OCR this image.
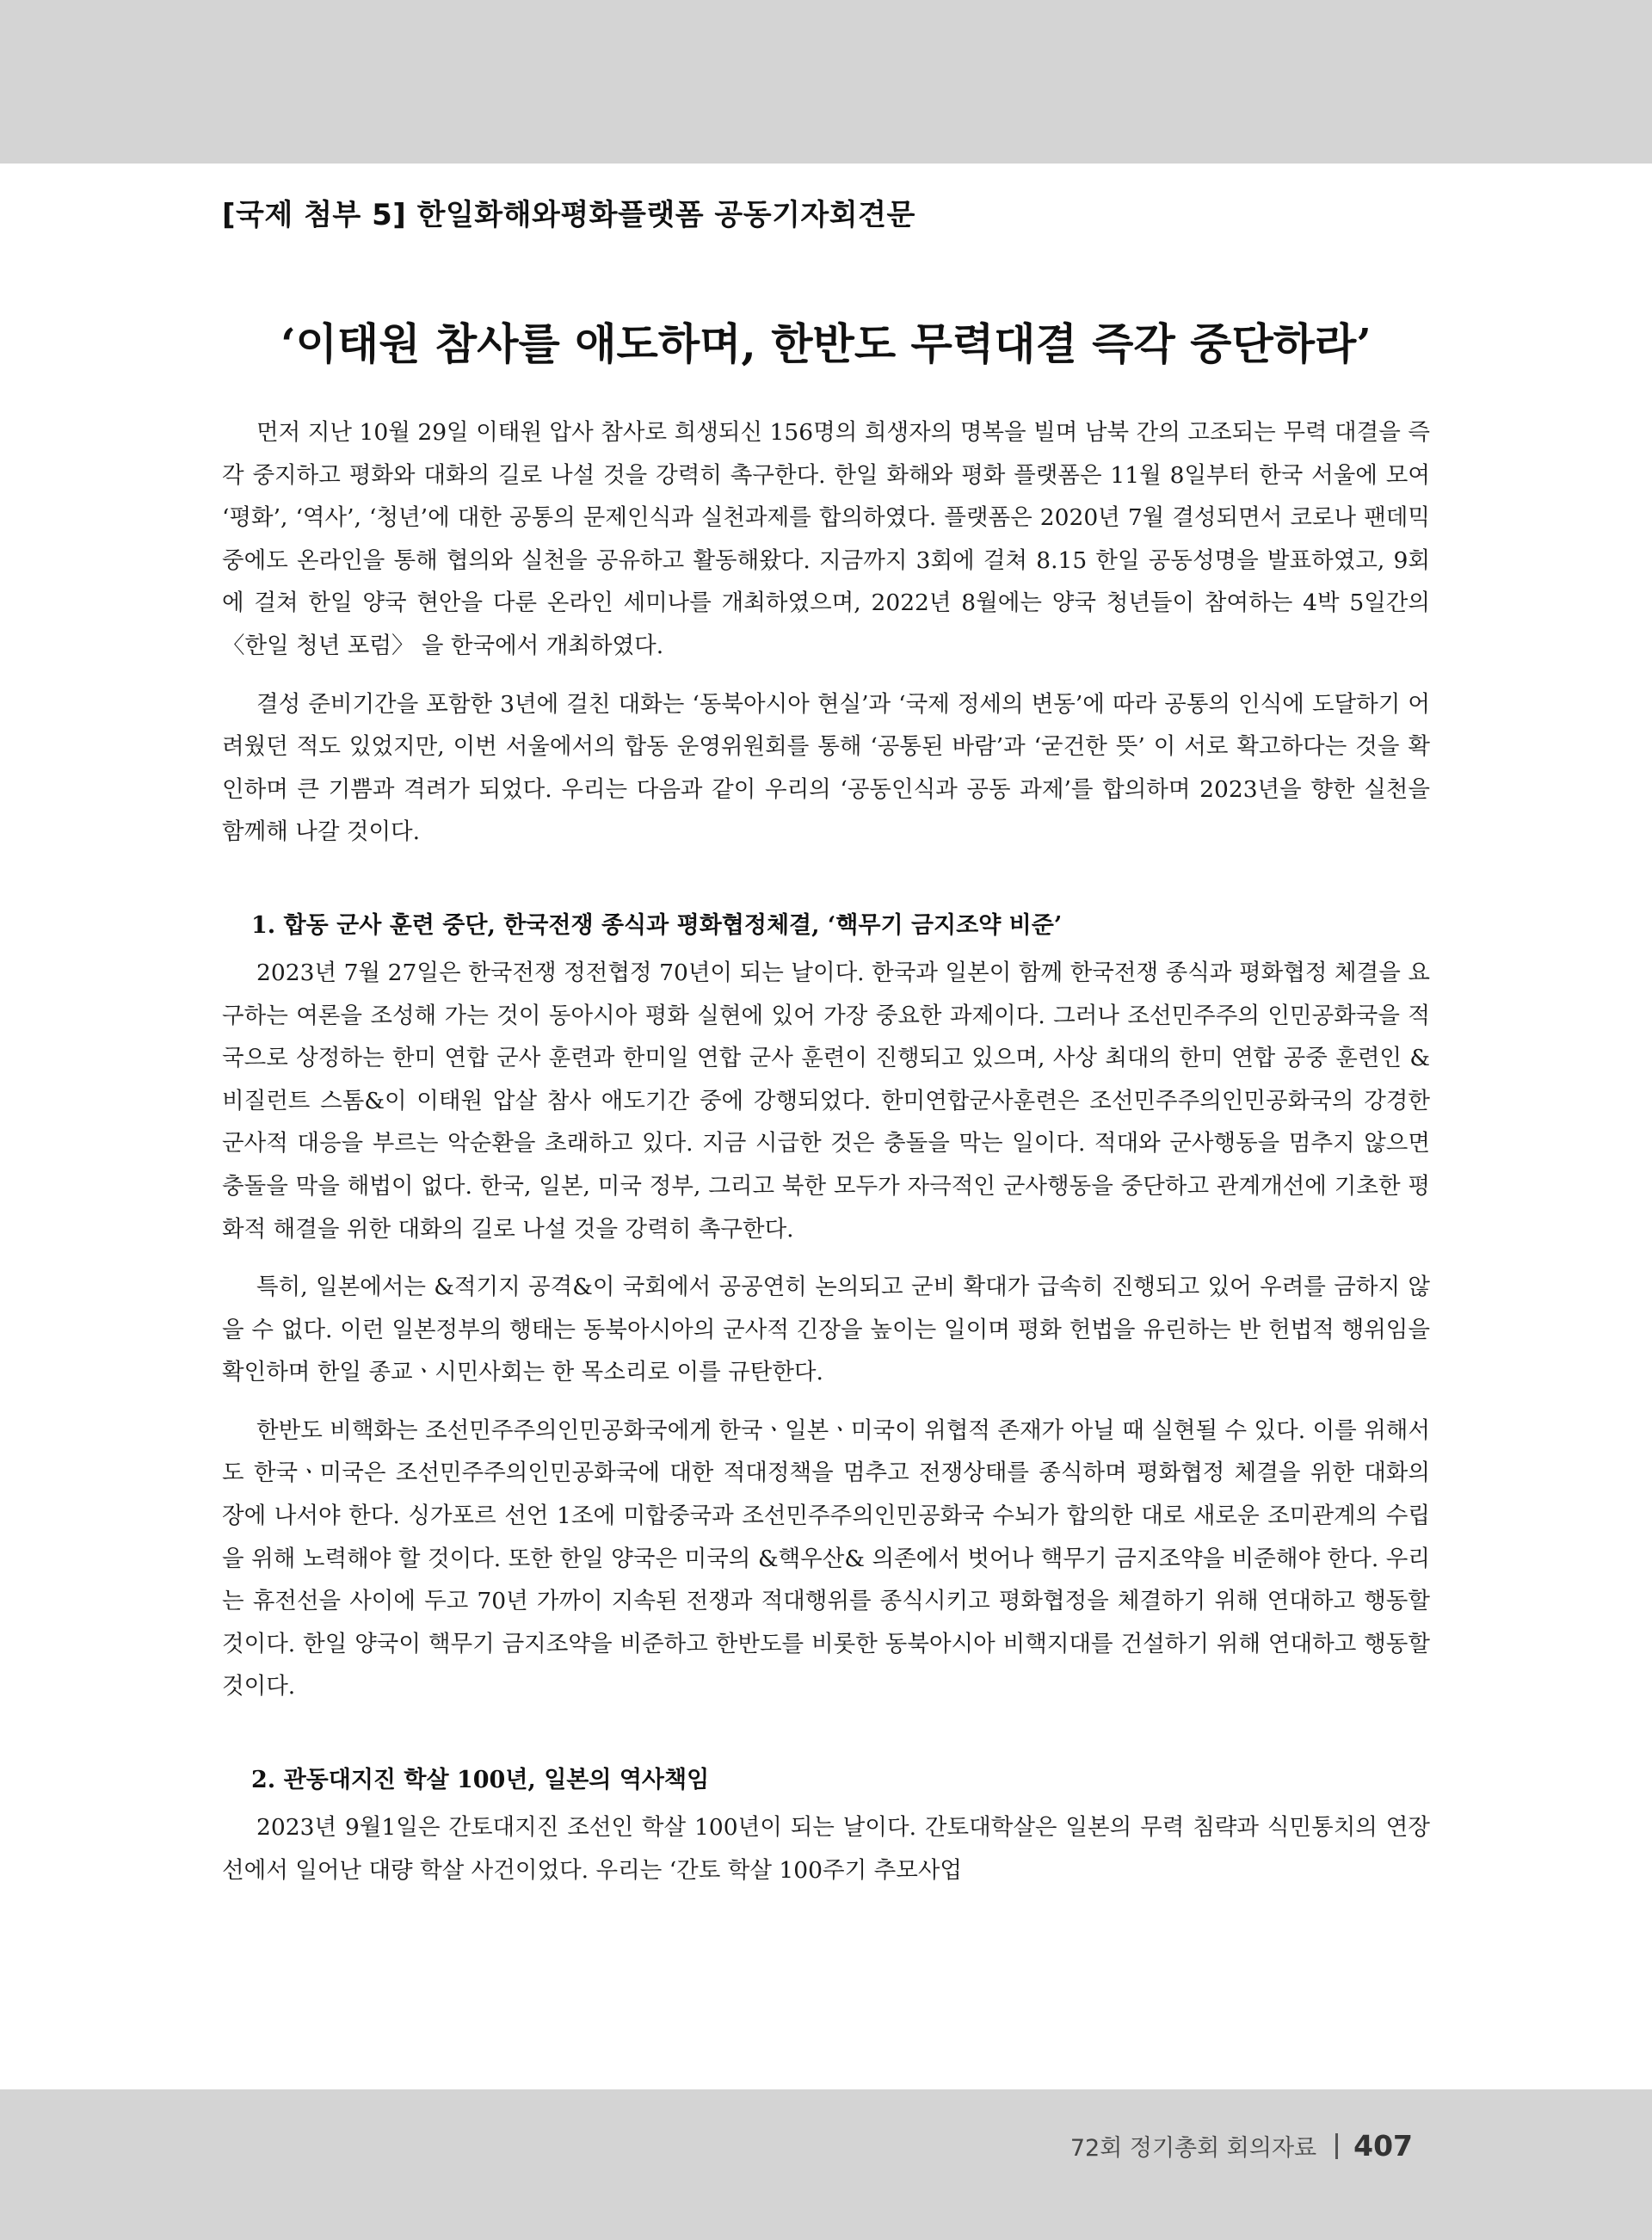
[국제 첨부 5] 한일화해와평화플랫폼 공동기자회견문
‘이태원 참사를 애도하며, 한반도 무력대결 즉각 중단하라’

먼저 지난 10월 29일 이태원 압사 참사로 희생되신 156명의 희생자의 명복을 빌며 남북 간의 고조되는 무력 대결을 즉각 중지하고 평화와 대화의 길로 나설 것을 강력히 촉구한다. 한일 화해와 평화 플랫폼은 11월 8일부터 한국 서울에 모여 ‘평화’, ‘역사’, ‘청년’에 대한 공통의 문제인식과 실천과제를 합의하였다. 플랫폼은 2020년 7월 결성되면서 코로나 팬데믹 중에도 온라인을 통해 협의와 실천을 공유하고 활동해왔다. 지금까지 3회에 걸쳐 8.15 한일 공동성명을 발표하였고, 9회에 걸쳐 한일 양국 현안을 다룬 온라인 세미나를 개최하였으며, 2022년 8월에는 양국 청년들이 참여하는 4박 5일간의 〈한일 청년 포럼〉 을 한국에서 개최하였다.

결성 준비기간을 포함한 3년에 걸친 대화는 ‘동북아시아 현실’과 ‘국제 정세의 변동’에 따라 공통의 인식에 도달하기 어려웠던 적도 있었지만, 이번 서울에서의 합동 운영위원회를 통해 ‘공통된 바람’과 ‘굳건한 뜻’ 이 서로 확고하다는 것을 확인하며 큰 기쁨과 격려가 되었다. 우리는 다음과 같이 우리의 ‘공동인식과 공동 과제’를 합의하며 2023년을 향한 실천을 함께해 나갈 것이다.

1. 합동 군사 훈련 중단, 한국전쟁 종식과 평화협정체결, ‘핵무기 금지조약 비준’

2023년 7월 27일은 한국전쟁 정전협정 70년이 되는 날이다. 한국과 일본이 함께 한국전쟁 종식과 평화협정 체결을 요구하는 여론을 조성해 가는 것이 동아시아 평화 실현에 있어 가장 중요한 과제이다. 그러나 조선민주주의 인민공화국을 적국으로 상정하는 한미 연합 군사 훈련과 한미일 연합 군사 훈련이 진행되고 있으며, 사상 최대의 한미 연합 공중 훈련인 &비질런트 스톰&이 이태원 압살 참사 애도기간 중에 강행되었다. 한미연합군사훈련은 조선민주주의인민공화국의 강경한 군사적 대응을 부르는 악순환을 초래하고 있다. 지금 시급한 것은 충돌을 막는 일이다. 적대와 군사행동을 멈추지 않으면 충돌을 막을 해법이 없다. 한국, 일본, 미국 정부, 그리고 북한 모두가 자극적인 군사행동을 중단하고 관계개선에 기초한 평화적 해결을 위한 대화의 길로 나설 것을 강력히 촉구한다.

특히, 일본에서는 &적기지 공격&이 국회에서 공공연히 논의되고 군비 확대가 급속히 진행되고 있어 우려를 금하지 않을 수 없다. 이런 일본정부의 행태는 동북아시아의 군사적 긴장을 높이는 일이며 평화 헌법을 유린하는 반 헌법적 행위임을 확인하며 한일 종교ㆍ시민사회는 한 목소리로 이를 규탄한다.

한반도 비핵화는 조선민주주의인민공화국에게 한국ㆍ일본ㆍ미국이 위협적 존재가 아닐 때 실현될 수 있다. 이를 위해서도 한국ㆍ미국은 조선민주주의인민공화국에 대한 적대정책을 멈추고 전쟁상태를 종식하며 평화협정 체결을 위한 대화의 장에 나서야 한다. 싱가포르 선언 1조에 미합중국과 조선민주주의인민공화국 수뇌가 합의한 대로 새로운 조미관계의 수립을 위해 노력해야 할 것이다. 또한 한일 양국은 미국의 &핵우산& 의존에서 벗어나 핵무기 금지조약을 비준해야 한다. 우리는 휴전선을 사이에 두고 70년 가까이 지속된 전쟁과 적대행위를 종식시키고 평화협정을 체결하기 위해 연대하고 행동할 것이다. 한일 양국이 핵무기 금지조약을 비준하고 한반도를 비롯한 동북아시아 비핵지대를 건설하기 위해 연대하고 행동할 것이다.

2. 관동대지진 학살 100년, 일본의 역사책임

2023년 9월1일은 간토대지진 조선인 학살 100년이 되는 날이다. 간토대학살은 일본의 무력 침략과 식민통치의 연장선에서 일어난 대량 학살 사건이었다. 우리는 ‘간토 학살 100주기 추모사업

72회 정기총회 회의자료 407
